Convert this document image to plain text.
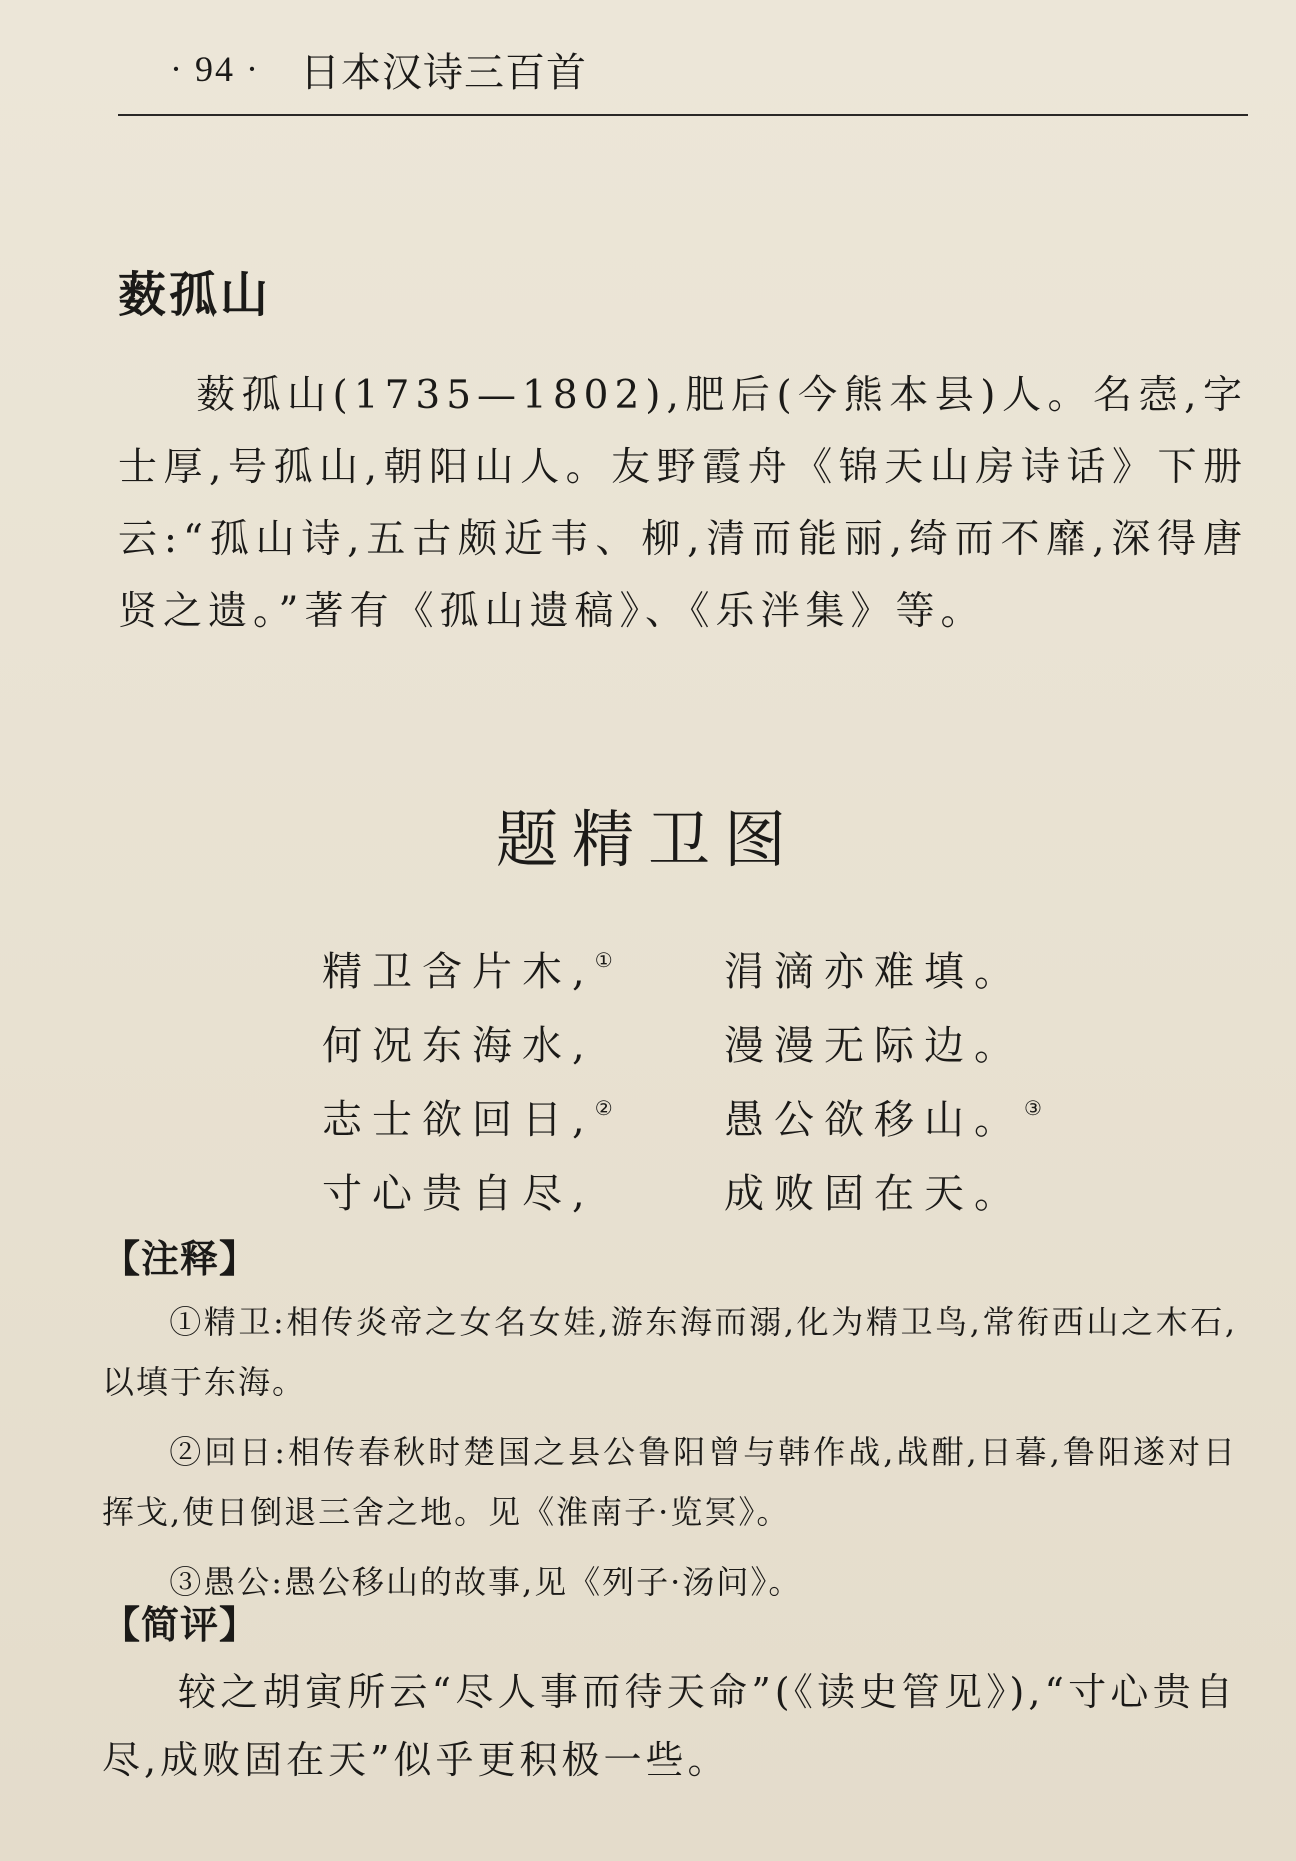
· 94 · 日本汉诗三百首
薮孤山

薮孤山(1735—1802),肥后(今熊本县)人。名悫,字士厚,号孤山,朝阳山人。友野霞舟《锦天山房诗话》下册云:“孤山诗,五古颇近韦、柳,清而能丽,绮而不靡,深得唐贤之遗。”著有《孤山遗稿》、《乐泮集》等。

题精卫图
精卫含片木,①	涓滴亦难填。
何况东海水,	漫漫无际边。
志士欲回日,②	愚公欲移山。③
寸心贵自尽,	成败固在天。
【注释】

①精卫:相传炎帝之女名女娃,游东海而溺,化为精卫鸟,常衔西山之木石,以填于东海。

②回日:相传春秋时楚国之县公鲁阳曾与韩作战,战酣,日暮,鲁阳遂对日挥戈,使日倒退三舍之地。见《淮南子·览冥》。

③愚公:愚公移山的故事,见《列子·汤问》。

【简评】

较之胡寅所云“尽人事而待天命”(《读史管见》),“寸心贵自尽,成败固在天”似乎更积极一些。
